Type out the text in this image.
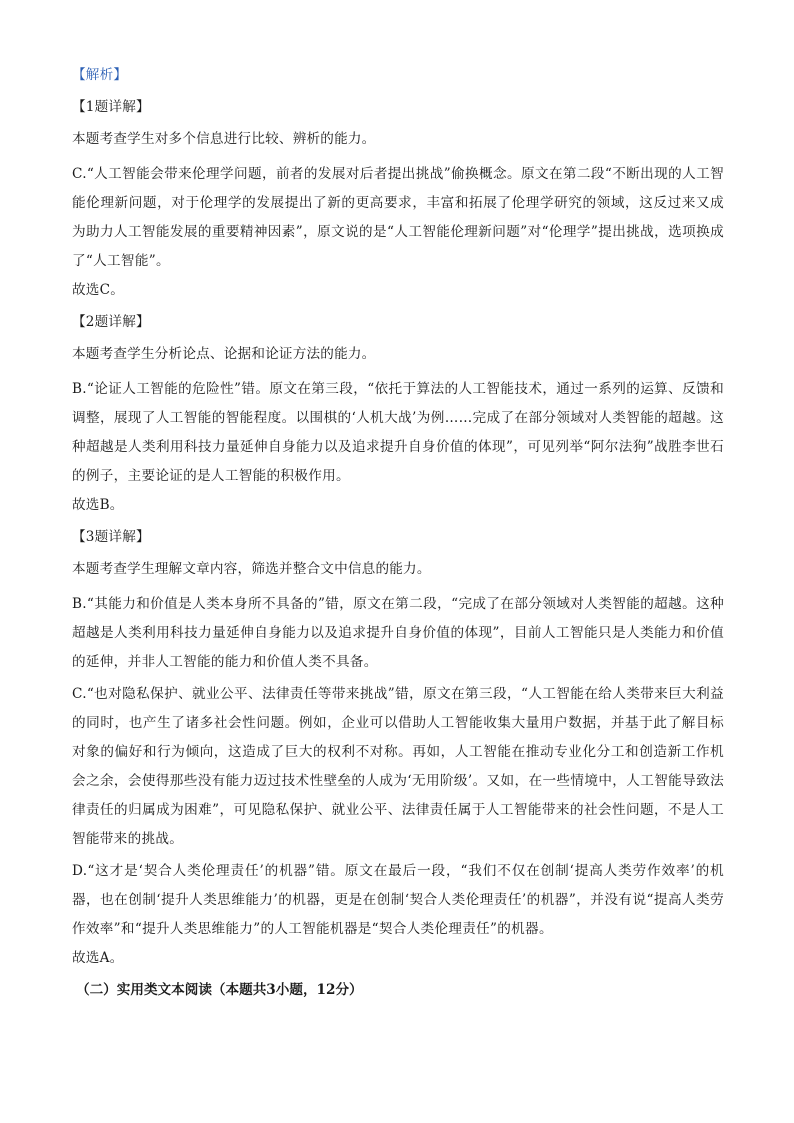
【解析】
【1题详解】
本题考查学生对多个信息进行比较、辨析的能力。
C.“人工智能会带来伦理学问题，前者的发展对后者提出挑战”偷换概念。原文在第二段“不断出现的人工智能伦理新问题，对于伦理学的发展提出了新的更高要求，丰富和拓展了伦理学研究的领域，这反过来又成为助力人工智能发展的重要精神因素”，原文说的是“人工智能伦理新问题”对“伦理学”提出挑战，选项换成了“人工智能”。
故选C。
【2题详解】
本题考查学生分析论点、论据和论证方法的能力。
B.“论证人工智能的危险性”错。原文在第三段，“依托于算法的人工智能技术，通过一系列的运算、反馈和调整，展现了人工智能的智能程度。以围棋的‘人机大战’为例……完成了在部分领域对人类智能的超越。这种超越是人类利用科技力量延伸自身能力以及追求提升自身价值的体现”，可见列举“阿尔法狗”战胜李世石的例子，主要论证的是人工智能的积极作用。
故选B。
【3题详解】
本题考查学生理解文章内容，筛选并整合文中信息的能力。
B.“其能力和价值是人类本身所不具备的”错，原文在第二段，“完成了在部分领域对人类智能的超越。这种超越是人类利用科技力量延伸自身能力以及追求提升自身价值的体现”，目前人工智能只是人类能力和价值的延伸，并非人工智能的能力和价值人类不具备。
C.“也对隐私保护、就业公平、法律责任等带来挑战”错，原文在第三段，“人工智能在给人类带来巨大利益的同时，也产生了诸多社会性问题。例如，企业可以借助人工智能收集大量用户数据，并基于此了解目标对象的偏好和行为倾向，这造成了巨大的权利不对称。再如，人工智能在推动专业化分工和创造新工作机会之余，会使得那些没有能力迈过技术性壁垒的人成为‘无用阶级’。又如，在一些情境中，人工智能导致法律责任的归属成为困难”，可见隐私保护、就业公平、法律责任属于人工智能带来的社会性问题，不是人工智能带来的挑战。
D.“这才是‘契合人类伦理责任’的机器”错。原文在最后一段，“我们不仅在创制‘提高人类劳作效率’的机器，也在创制‘提升人类思维能力’的机器，更是在创制‘契合人类伦理责任’的机器”，并没有说“提高人类劳作效率”和“提升人类思维能力”的人工智能机器是“契合人类伦理责任”的机器。
故选A。
（二）实用类文本阅读（本题共3小题，12分）
